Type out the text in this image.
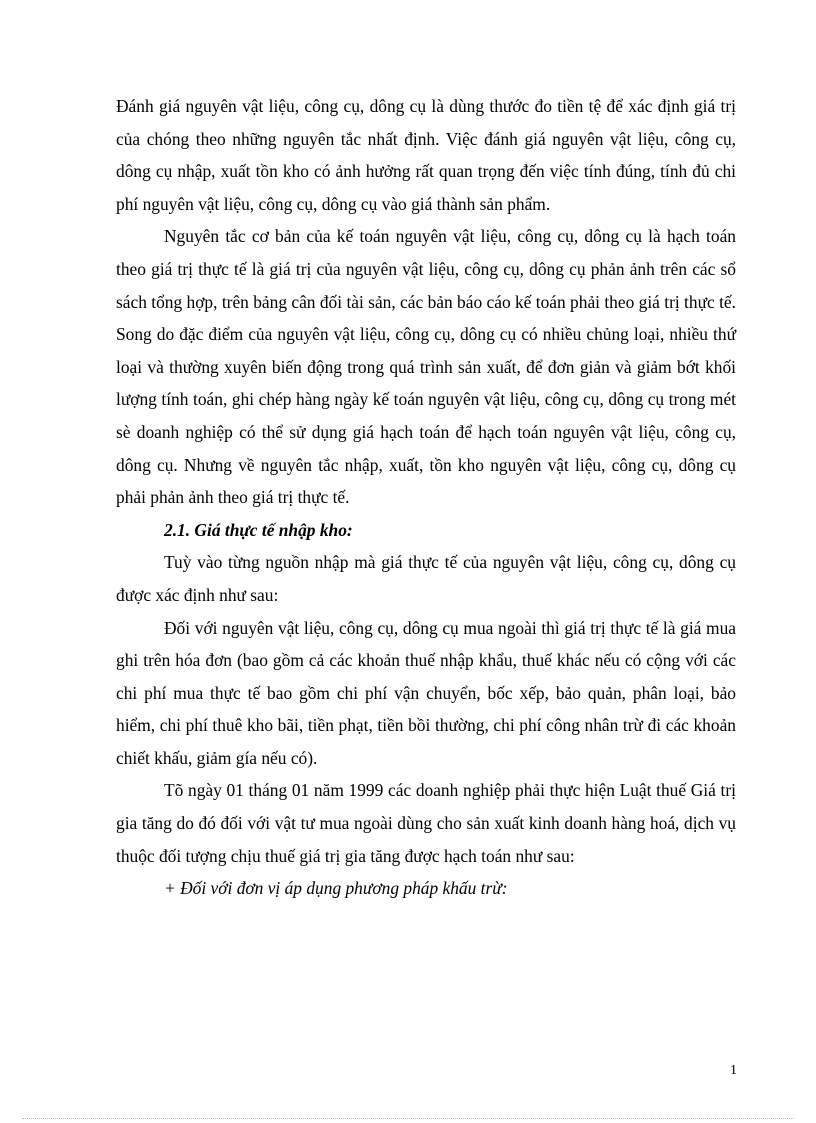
Đánh giá nguyên vật liệu, công cụ, dông cụ là dùng thước đo tiền tệ để xác định giá trị của chóng theo những nguyên tắc nhất định. Việc đánh giá nguyên vật liệu, công cụ, dông cụ nhập, xuất tồn kho có ảnh hưởng rất quan trọng đến việc tính đúng, tính đủ chi phí nguyên vật liệu, công cụ, dông cụ vào giá thành sản phẩm.

Nguyên tắc cơ bản của kế toán nguyên vật liệu, công cụ, dông cụ là hạch toán theo giá trị thực tế là giá trị của nguyên vật liệu, công cụ, dông cụ phản ảnh trên các sổ sách tổng hợp, trên bảng cân đối tài sản, các bản báo cáo kế toán phải theo giá trị thực tế. Song do đặc điểm của nguyên vật liệu, công cụ, dông cụ có nhiều chủng loại, nhiều thứ loại và thường xuyên biến động trong quá trình sản xuất, để đơn giản và giảm bớt khối lượng tính toán, ghi chép hàng ngày kế toán nguyên vật liệu, công cụ, dông cụ trong mét sè doanh nghiệp có thể sử dụng giá hạch toán để hạch toán nguyên vật liệu, công cụ, dông cụ. Nhưng về nguyên tắc nhập, xuất, tồn kho nguyên vật liệu, công cụ, dông cụ phải phản ảnh theo giá trị thực tế.

2.1. Giá thực tế nhập kho:

Tuỳ vào từng nguồn nhập mà giá thực tế của nguyên vật liệu, công cụ, dông cụ được xác định như sau:

Đối với nguyên vật liệu, công cụ, dông cụ mua ngoài thì giá trị thực tế là giá mua ghi trên hóa đơn (bao gồm cả các khoản thuế nhập khẩu, thuế khác nếu có cộng với các chi phí mua thực tế bao gồm chi phí vận chuyển, bốc xếp, bảo quản, phân loại, bảo hiểm, chi phí thuê kho bãi, tiền phạt, tiền bồi thường, chi phí công nhân trừ đi các khoản chiết khấu, giảm gía nếu có).

Tõ ngày 01 tháng 01 năm 1999 các doanh nghiệp phải thực hiện Luật thuế Giá trị gia tăng do đó đối với vật tư mua ngoài dùng cho sản xuất kinh doanh hàng hoá, dịch vụ thuộc đối tượng chịu thuế giá trị gia tăng được hạch toán như sau:

+ Đối với đơn vị áp dụng phương pháp khấu trừ:

1
